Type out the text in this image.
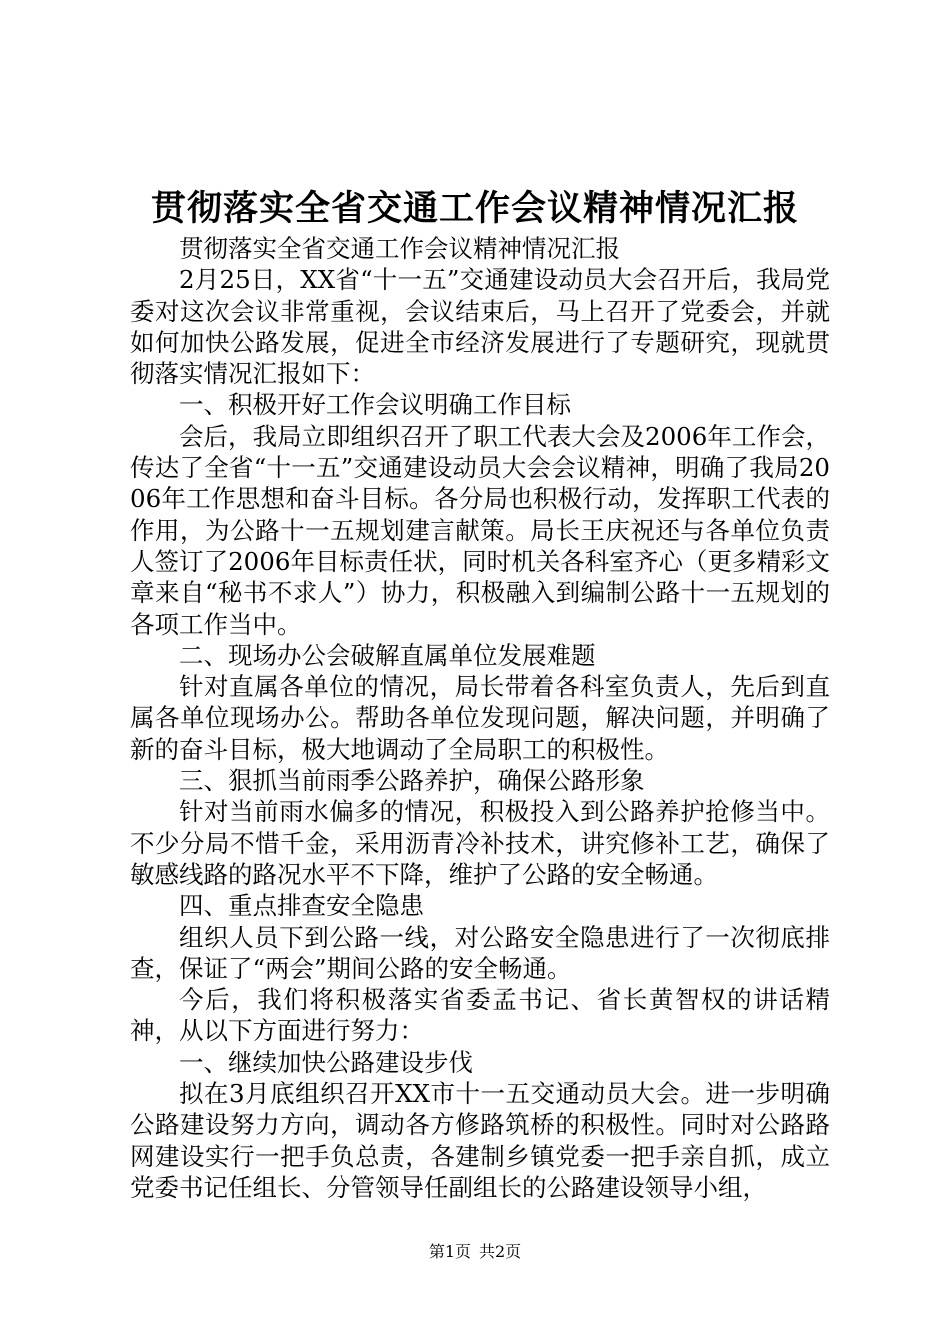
贯彻落实全省交通工作会议精神情况汇报

贯彻落实全省交通工作会议精神情况汇报

2月25日，XX省“十一五”交通建设动员大会召开后，我局党委对这次会议非常重视，会议结束后，马上召开了党委会，并就如何加快公路发展，促进全市经济发展进行了专题研究，现就贯彻落实情况汇报如下：

一、积极开好工作会议明确工作目标

会后，我局立即组织召开了职工代表大会及2006年工作会，传达了全省“十一五”交通建设动员大会会议精神，明确了我局2006年工作思想和奋斗目标。各分局也积极行动，发挥职工代表的作用，为公路十一五规划建言献策。局长王庆祝还与各单位负责人签订了2006年目标责任状，同时机关各科室齐心（更多精彩文章来自“秘书不求人”）协力，积极融入到编制公路十一五规划的各项工作当中。

二、现场办公会破解直属单位发展难题

针对直属各单位的情况，局长带着各科室负责人，先后到直属各单位现场办公。帮助各单位发现问题，解决问题，并明确了新的奋斗目标，极大地调动了全局职工的积极性。

三、狠抓当前雨季公路养护，确保公路形象

针对当前雨水偏多的情况，积极投入到公路养护抢修当中。不少分局不惜千金，采用沥青冷补技术，讲究修补工艺，确保了敏感线路的路况水平不下降，维护了公路的安全畅通。

四、重点排查安全隐患

组织人员下到公路一线，对公路安全隐患进行了一次彻底排查，保证了“两会”期间公路的安全畅通。

今后，我们将积极落实省委孟书记、省长黄智权的讲话精神，从以下方面进行努力：

一、继续加快公路建设步伐

拟在3月底组织召开XX市十一五交通动员大会。进一步明确公路建设努力方向，调动各方修路筑桥的积极性。同时对公路路网建设实行一把手负总责，各建制乡镇党委一把手亲自抓，成立党委书记任组长、分管领导任副组长的公路建设领导小组，

第1页 共2页
